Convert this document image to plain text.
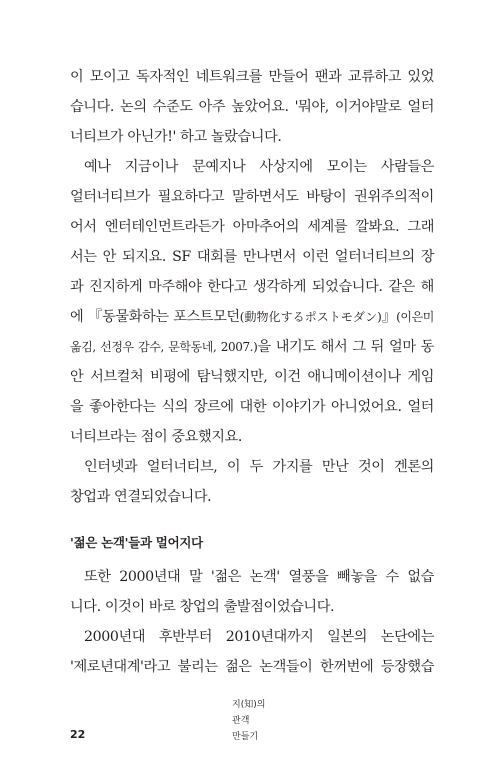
이 모이고 독자적인 네트워크를 만들어 팬과 교류하고 있었
습니다. 논의 수준도 아주 높았어요. '뭐야, 이거야말로 얼터
너티브가 아닌가!' 하고 놀랐습니다.
예나 지금이나 문예지나 사상지에 모이는 사람들은
얼터너티브가 필요하다고 말하면서도 바탕이 권위주의적이
어서 엔터테인먼트라든가 아마추어의 세계를 깔봐요. 그래
서는 안 되지요. SF 대회를 만나면서 이런 얼터너티브의 장
과 진지하게 마주해야 한다고 생각하게 되었습니다. 같은 해
에 『동물화하는 포스트모던(動物化するポストモダン)』(이은미
옮김, 선정우 감수, 문학동네, 2007.)을 내기도 해서 그 뒤 얼마 동
안 서브컬처 비평에 탐닉했지만, 이건 애니메이션이나 게임
을 좋아한다는 식의 장르에 대한 이야기가 아니었어요. 얼터
너티브라는 점이 중요했지요.
인터넷과 얼터너티브, 이 두 가지를 만난 것이 겐론의
창업과 연결되었습니다.
'젊은 논객'들과 멀어지다
또한 2000년대 말 '젊은 논객' 열풍을 빼놓을 수 없습
니다. 이것이 바로 창업의 출발점이었습니다.
2000년대 후반부터 2010년대까지 일본의 논단에는
'제로년대계'라고 불리는 젊은 논객들이 한꺼번에 등장했습
22
지(知)의
관객
만들기
